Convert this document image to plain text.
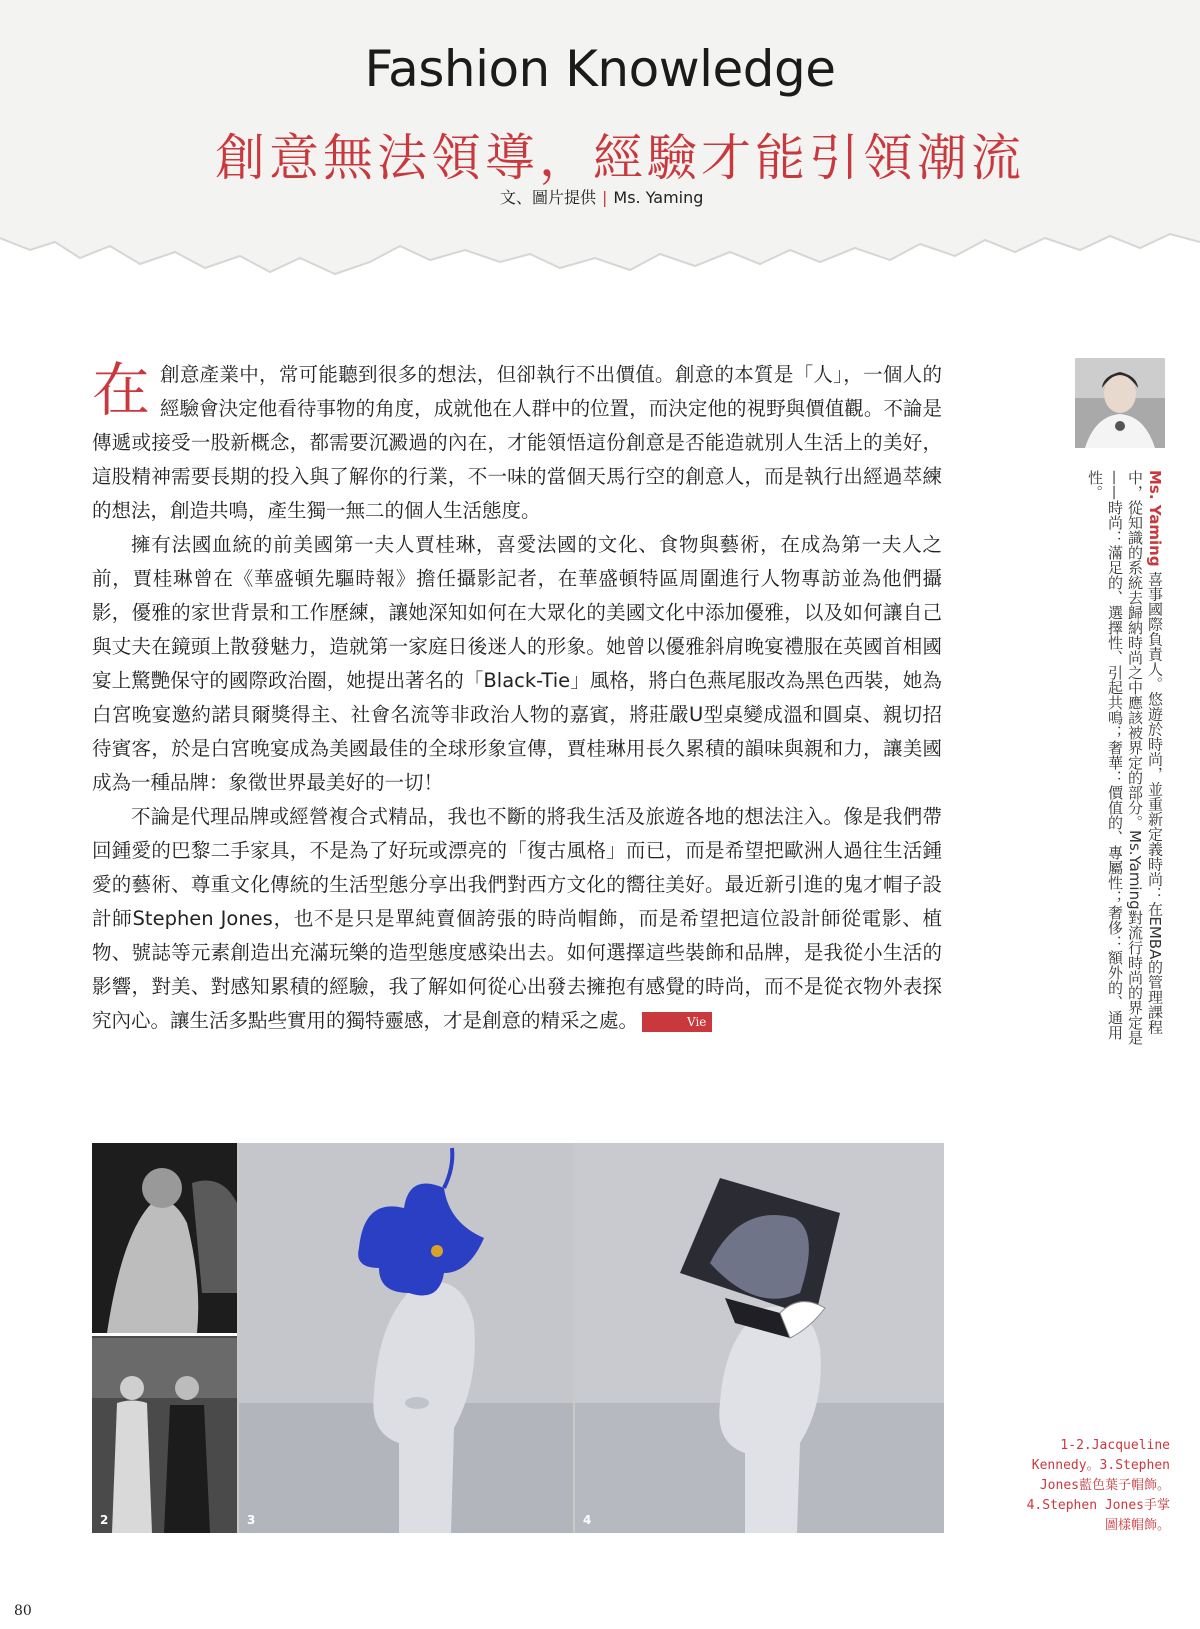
Fashion Knowledge
創意無法領導，經驗才能引領潮流
文、圖片提供 | Ms. Yaming

在創意產業中，常可能聽到很多的想法，但卻執行不出價值。創意的本質是「人」，一個人的經驗會決定他看待事物的角度，成就他在人群中的位置，而決定他的視野與價值觀。不論是傳遞或接受一股新概念，都需要沉澱過的內在，才能領悟這份創意是否能造就別人生活上的美好，這股精神需要長期的投入與了解你的行業，不一味的當個天馬行空的創意人，而是執行出經過萃練的想法，創造共鳴，產生獨一無二的個人生活態度。

擁有法國血統的前美國第一夫人賈桂琳，喜愛法國的文化、食物與藝術，在成為第一夫人之前，賈桂琳曾在《華盛頓先驅時報》擔任攝影記者，在華盛頓特區周圍進行人物專訪並為他們攝影，優雅的家世背景和工作歷練，讓她深知如何在大眾化的美國文化中添加優雅，以及如何讓自己與丈夫在鏡頭上散發魅力，造就第一家庭日後迷人的形象。她曾以優雅斜肩晚宴禮服在英國首相國宴上驚艷保守的國際政治圈，她提出著名的「Black-Tie」風格，將白色燕尾服改為黑色西裝，她為白宮晚宴邀約諾貝爾獎得主、社會名流等非政治人物的嘉賓，將莊嚴U型桌變成溫和圓桌、親切招待賓客，於是白宮晚宴成為美國最佳的全球形象宣傳，賈桂琳用長久累積的韻味與親和力，讓美國成為一種品牌：象徵世界最美好的一切！

不論是代理品牌或經營複合式精品，我也不斷的將我生活及旅遊各地的想法注入。像是我們帶回鍾愛的巴黎二手家具，不是為了好玩或漂亮的「復古風格」而已，而是希望把歐洲人過往生活鍾愛的藝術、尊重文化傳統的生活型態分享出我們對西方文化的嚮往美好。最近新引進的鬼才帽子設計師Stephen Jones，也不是只是單純賣個誇張的時尚帽飾，而是希望把這位設計師從電影、植物、號誌等元素創造出充滿玩樂的造型態度感染出去。如何選擇這些裝飾和品牌，是我從小生活的影響，對美、對感知累積的經驗，我了解如何從心出發去擁抱有感覺的時尚，而不是從衣物外表探究內心。讓生活多點些實用的獨特靈感，才是創意的精采之處。	Vie

Ms. Yaming 喜事國際負責人。悠遊於時尚，並重新定義時尚：在EMBA的管理課程中，從知識的系統去歸納時尚之中應該被界定的部分。Ms.Yaming對流行時尚的界定是——時尚：滿足的、選擇性、引起共鳴；奢華：價值的、專屬性；奢侈：額外的、通用性。
2	3	4
1-2.Jacqueline
Kennedy。3.Stephen
Jones藍色葉子帽飾。
4.Stephen Jones手掌
圖樣帽飾。
80
